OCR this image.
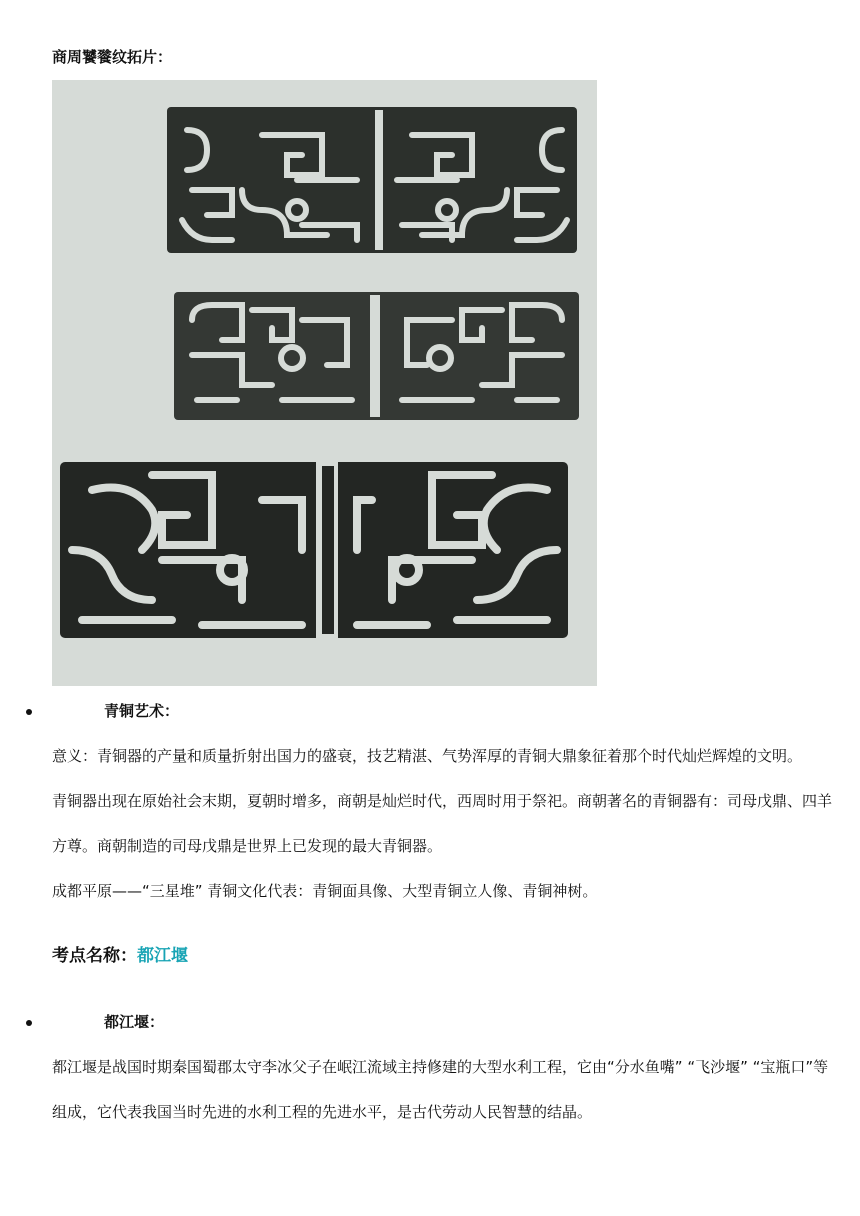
商周饕餮纹拓片：
青铜艺术：

意义：青铜器的产量和质量折射出国力的盛衰，技艺精湛、气势浑厚的青铜大鼎象征着那个时代灿烂辉煌的文明。

青铜器出现在原始社会末期，夏朝时增多，商朝是灿烂时代，西周时用于祭祀。商朝著名的青铜器有：司母戊鼎、四羊方尊。商朝制造的司母戊鼎是世界上已发现的最大青铜器。

成都平原——“三星堆” 青铜文化代表：青铜面具像、大型青铜立人像、青铜神树。

考点名称：都江堰
都江堰：

都江堰是战国时期秦国蜀郡太守李冰父子在岷江流域主持修建的大型水利工程，它由“分水鱼嘴” “飞沙堰” “宝瓶口”等组成，它代表我国当时先进的水利工程的先进水平，是古代劳动人民智慧的结晶。
